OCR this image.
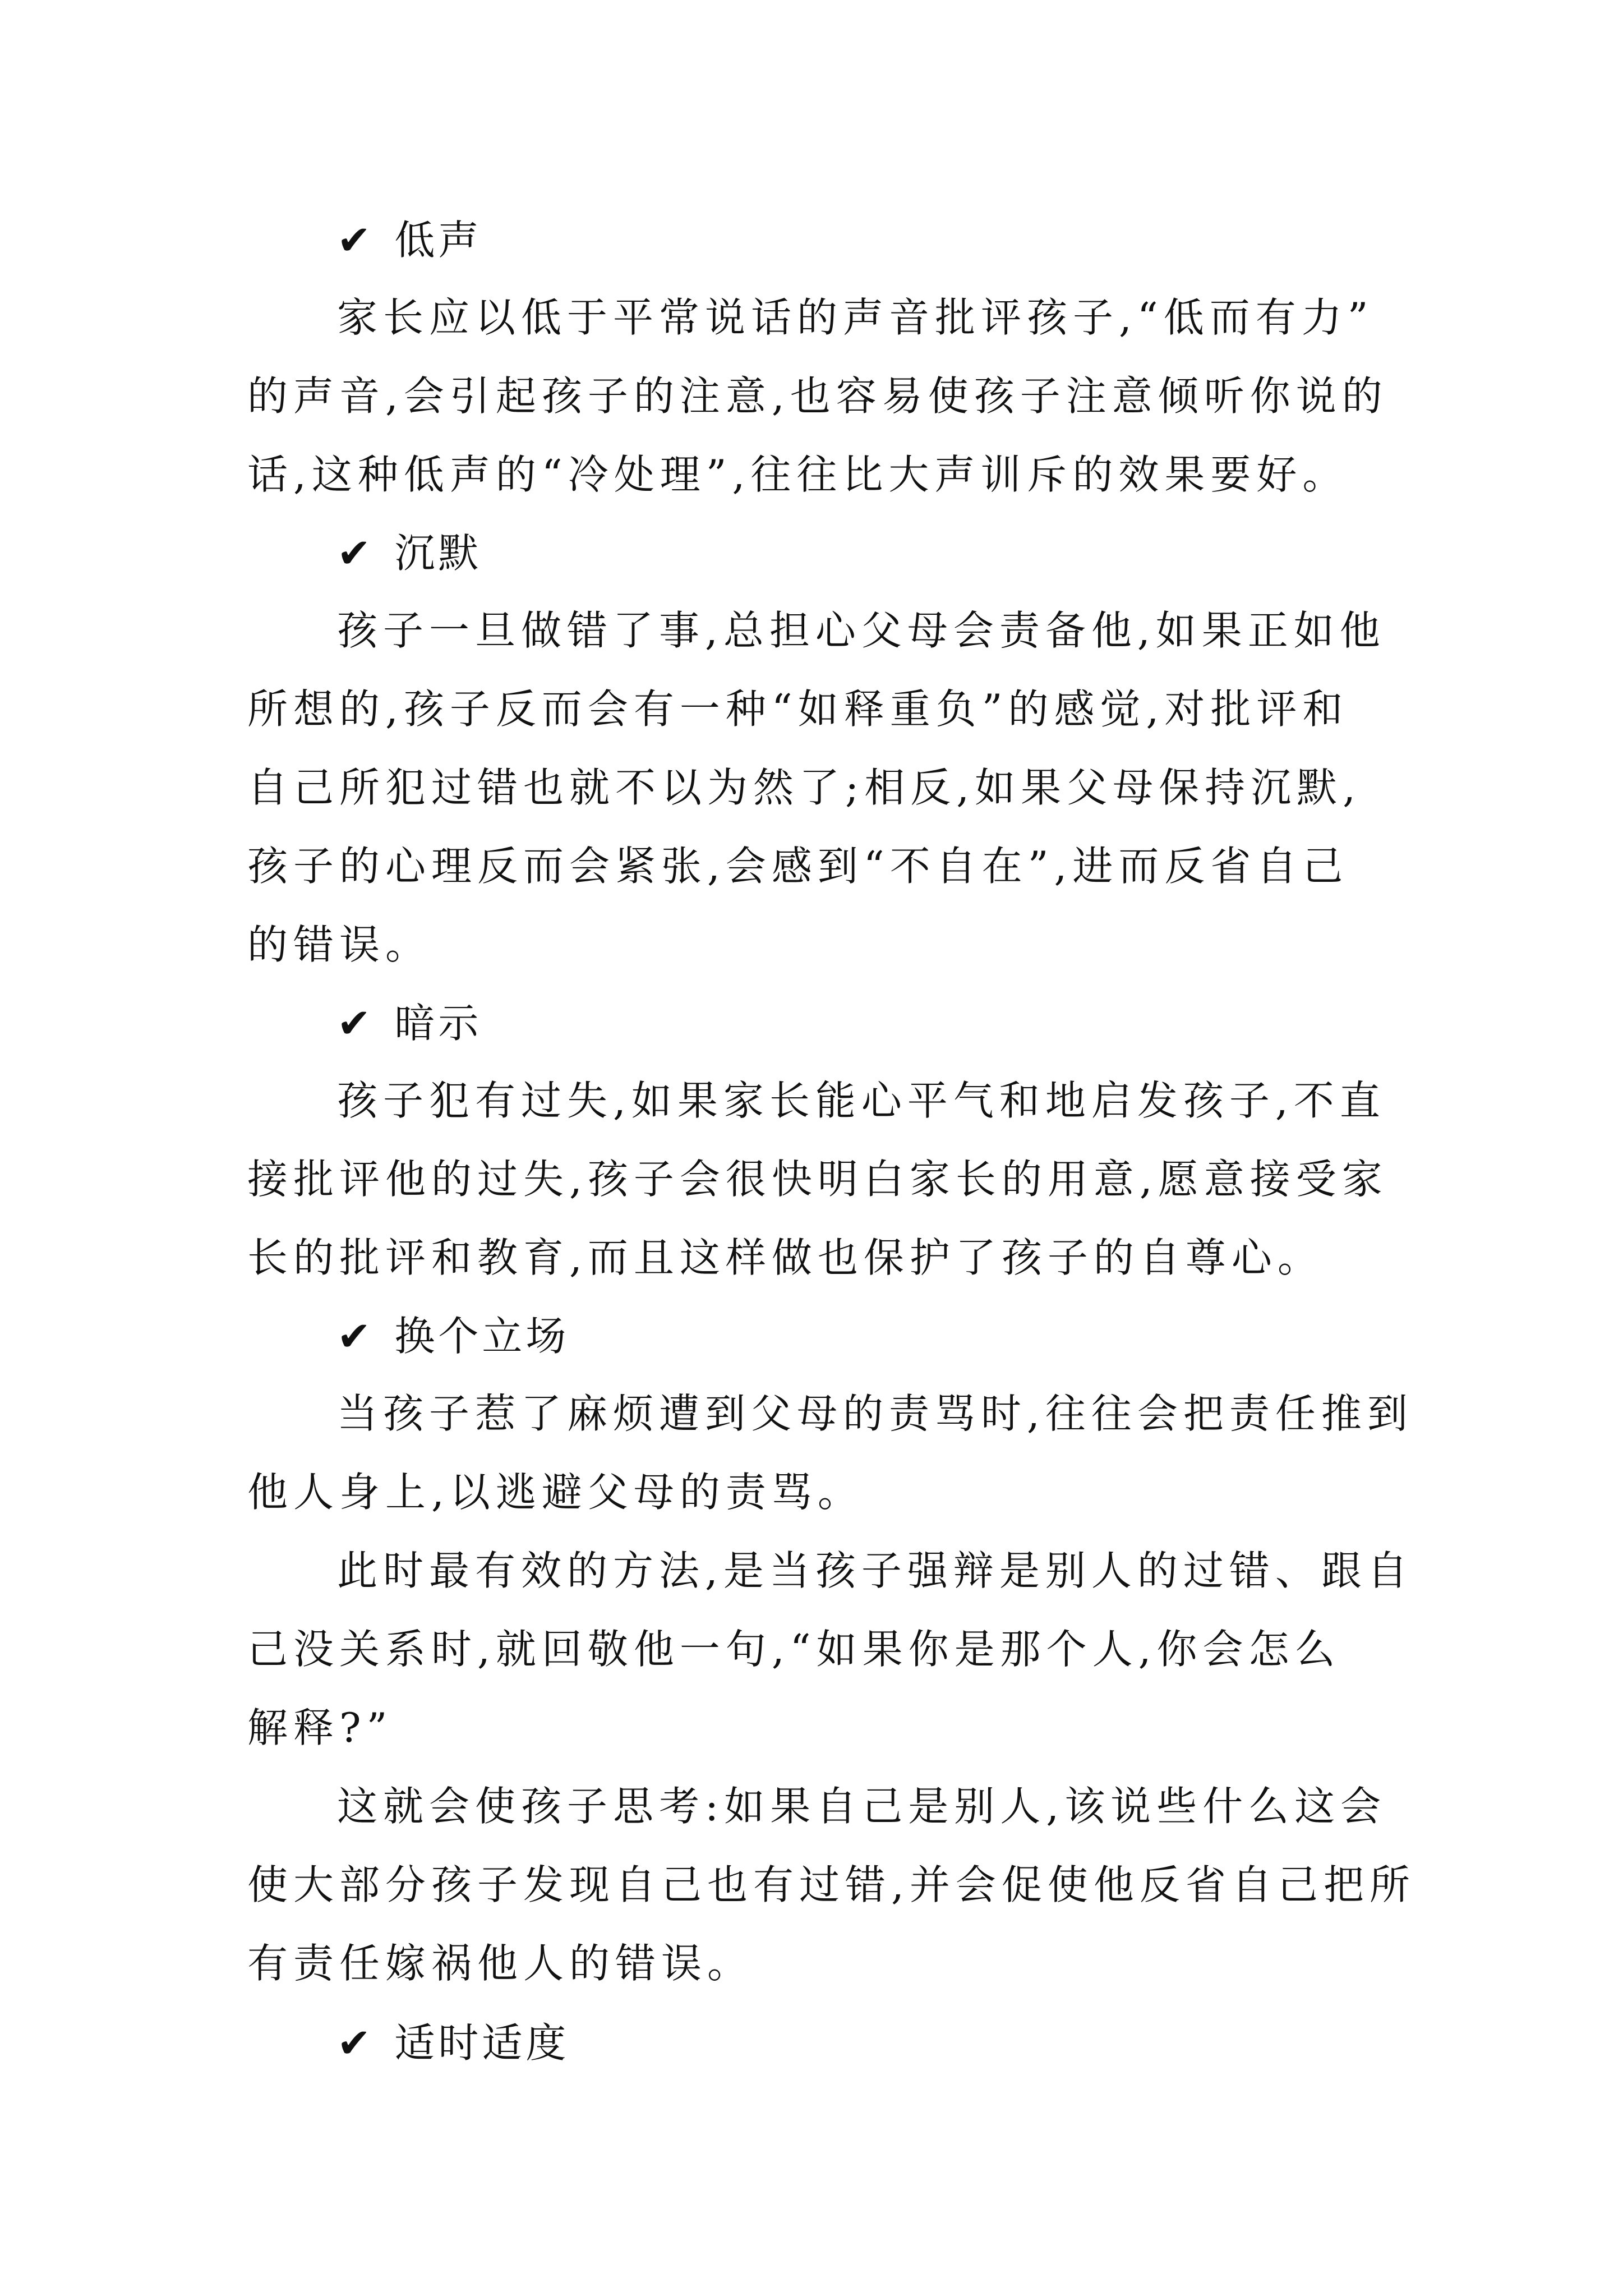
✔ 低声
家长应以低于平常说话的声音批评孩子,“低而有力”
的声音,会引起孩子的注意,也容易使孩子注意倾听你说的
话,这种低声的“冷处理”,往往比大声训斥的效果要好。
✔ 沉默
孩子一旦做错了事,总担心父母会责备他,如果正如他
所想的,孩子反而会有一种“如释重负”的感觉,对批评和
自己所犯过错也就不以为然了;相反,如果父母保持沉默,
孩子的心理反而会紧张,会感到“不自在”,进而反省自己
的错误。
✔ 暗示
孩子犯有过失,如果家长能心平气和地启发孩子,不直
接批评他的过失,孩子会很快明白家长的用意,愿意接受家
长的批评和教育,而且这样做也保护了孩子的自尊心。
✔ 换个立场
当孩子惹了麻烦遭到父母的责骂时,往往会把责任推到
他人身上,以逃避父母的责骂。
此时最有效的方法,是当孩子强辩是别人的过错、跟自
己没关系时,就回敬他一句,“如果你是那个人,你会怎么
解释?”
这就会使孩子思考:如果自己是别人,该说些什么这会
使大部分孩子发现自己也有过错,并会促使他反省自己把所
有责任嫁祸他人的错误。
✔ 适时适度
